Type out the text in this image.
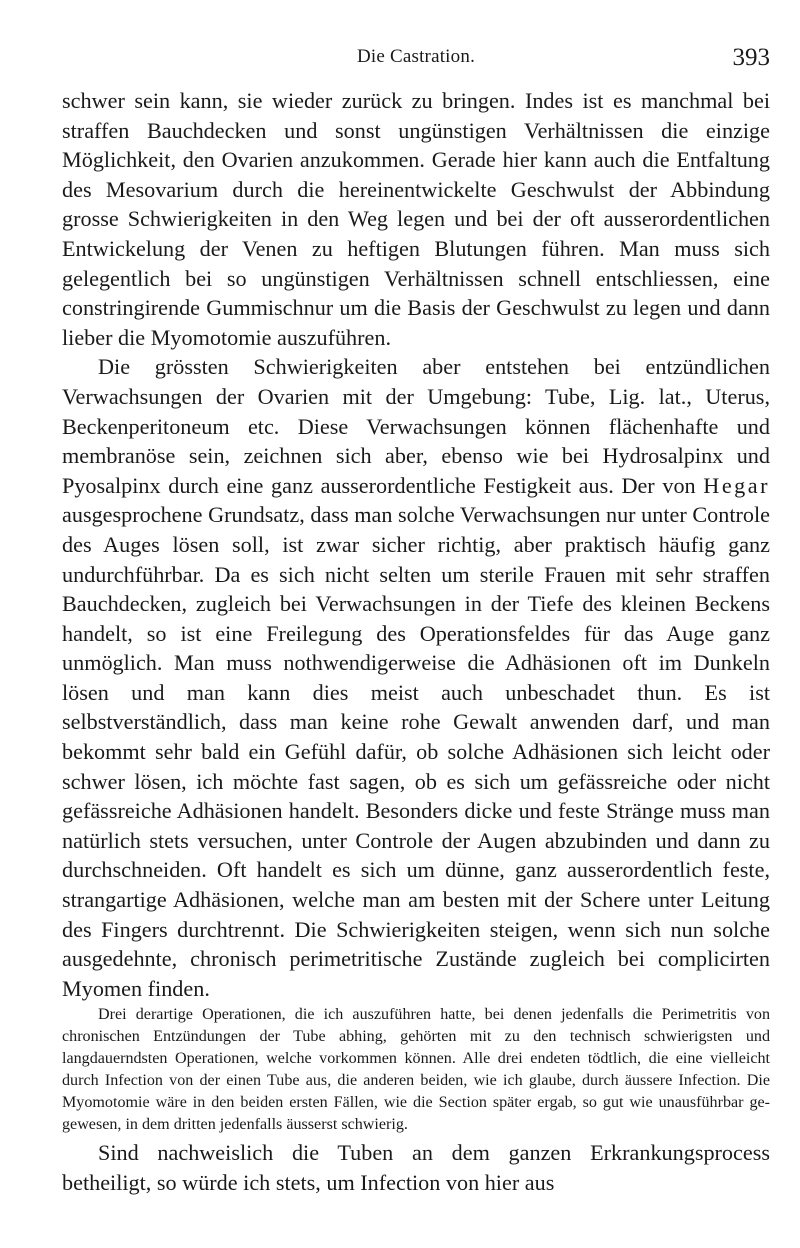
Die Castration.	393

schwer sein kann, sie wieder zurück zu bringen. Indes ist es manchmal bei straffen Bauchdecken und sonst ungünstigen Verhältnissen die einzige Möglichkeit, den Ovarien anzukommen. Gerade hier kann auch die Entfaltung des Mesovarium durch die hereinentwickelte Geschwulst der Abbindung grosse Schwierigkeiten in den Weg legen und bei der oft ausserordentlichen Entwickelung der Venen zu heftigen Blutungen führen. Man muss sich gelegentlich bei so ungünstigen Verhältnissen schnell entschliessen, eine constringirende Gummischnur um die Basis der Geschwulst zu legen und dann lieber die Myomotomie auszuführen.

Die grössten Schwierigkeiten aber entstehen bei entzündlichen Verwachsungen der Ovarien mit der Umgebung: Tube, Lig. lat., Uterus, Beckenperitoneum etc. Diese Verwachsungen können flächenhafte und membranöse sein, zeichnen sich aber, ebenso wie bei Hydrosalpinx und Pyosalpinx durch eine ganz ausserordentliche Festigkeit aus. Der von Hegar ausgesprochene Grundsatz, dass man solche Verwachsungen nur unter Controle des Auges lösen soll, ist zwar sicher richtig, aber praktisch häufig ganz undurchführbar. Da es sich nicht selten um sterile Frauen mit sehr straffen Bauchdecken, zugleich bei Verwachsungen in der Tiefe des kleinen Beckens handelt, so ist eine Freilegung des Operationsfeldes für das Auge ganz unmöglich. Man muss nothwendigerweise die Adhäsionen oft im Dunkeln lösen und man kann dies meist auch unbeschadet thun. Es ist selbstverständlich, dass man keine rohe Gewalt anwenden darf, und man bekommt sehr bald ein Gefühl dafür, ob solche Adhäsionen sich leicht oder schwer lösen, ich möchte fast sagen, ob es sich um gefässreiche oder nicht gefässreiche Adhäsionen handelt. Besonders dicke und feste Stränge muss man natürlich stets versuchen, unter Controle der Augen abzubinden und dann zu durchschneiden. Oft handelt es sich um dünne, ganz ausserordentlich feste, strangartige Adhäsionen, welche man am besten mit der Schere unter Leitung des Fingers durchtrennt. Die Schwierigkeiten steigen, wenn sich nun solche ausgedehnte, chronisch perimetritische Zustände zugleich bei complicirten Myomen finden.

Drei derartige Operationen, die ich auszuführen hatte, bei denen jedenfalls die Perimetritis von chronischen Entzündungen der Tube abhing, gehörten mit zu den technisch schwierigsten und langdauerndsten Operationen, welche vorkommen können. Alle drei endeten tödtlich, die eine vielleicht durch Infection von der einen Tube aus, die anderen beiden, wie ich glaube, durch äussere Infection. Die Myomotomie wäre in den beiden ersten Fällen, wie die Section später ergab, so gut wie unausführbar gegewesen, in dem dritten jedenfalls äusserst schwierig.

Sind nachweislich die Tuben an dem ganzen Erkrankungsprocess betheiligt, so würde ich stets, um Infection von hier aus
